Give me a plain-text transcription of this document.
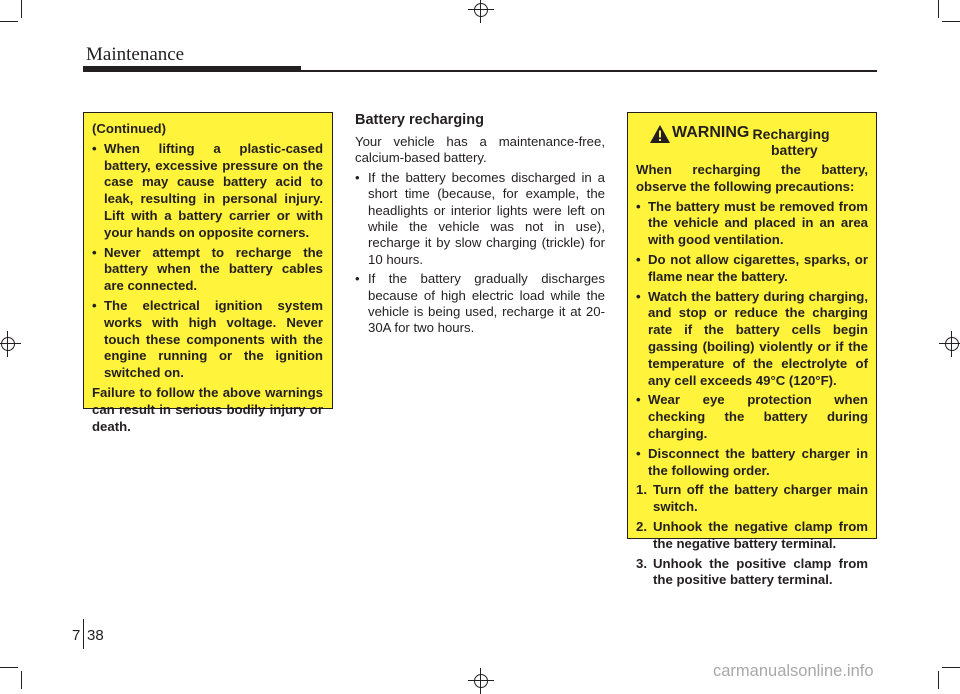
Maintenance

(Continued)

• When lifting a plastic-cased battery, excessive pressure on the case may cause battery acid to leak, resulting in personal injury. Lift with a battery carrier or with your hands on opposite corners.
• Never attempt to recharge the battery when the battery cables are connected.
• The electrical ignition system works with high voltage. Never touch these components with the engine running or the ignition switched on.

Failure to follow the above warnings can result in serious bodily injury or death.

Battery recharging

Your vehicle has a maintenance-free, calcium-based battery.

• If the battery becomes discharged in a short time (because, for example, the headlights or interior lights were left on while the vehicle was not in use), recharge it by slow charging (trickle) for 10 hours.
• If the battery gradually discharges because of high electric load while the vehicle is being used, recharge it at 20-30A for two hours.
WARNING
- Recharging
battery

When recharging the battery, observe the following precautions:

• The battery must be removed from the vehicle and placed in an area with good ventilation.
• Do not allow cigarettes, sparks, or flame near the battery.
• Watch the battery during charging, and stop or reduce the charging rate if the battery cells begin gassing (boiling) violently or if the temperature of the electrolyte of any cell exceeds 49°C (120°F).
• Wear eye protection when checking the battery during charging.
• Disconnect the battery charger in the following order.
1. Turn off the battery charger main switch.
2. Unhook the negative clamp from the negative battery terminal.
3. Unhook the positive clamp from the positive battery terminal.
7 38
carmanualsonline.info
